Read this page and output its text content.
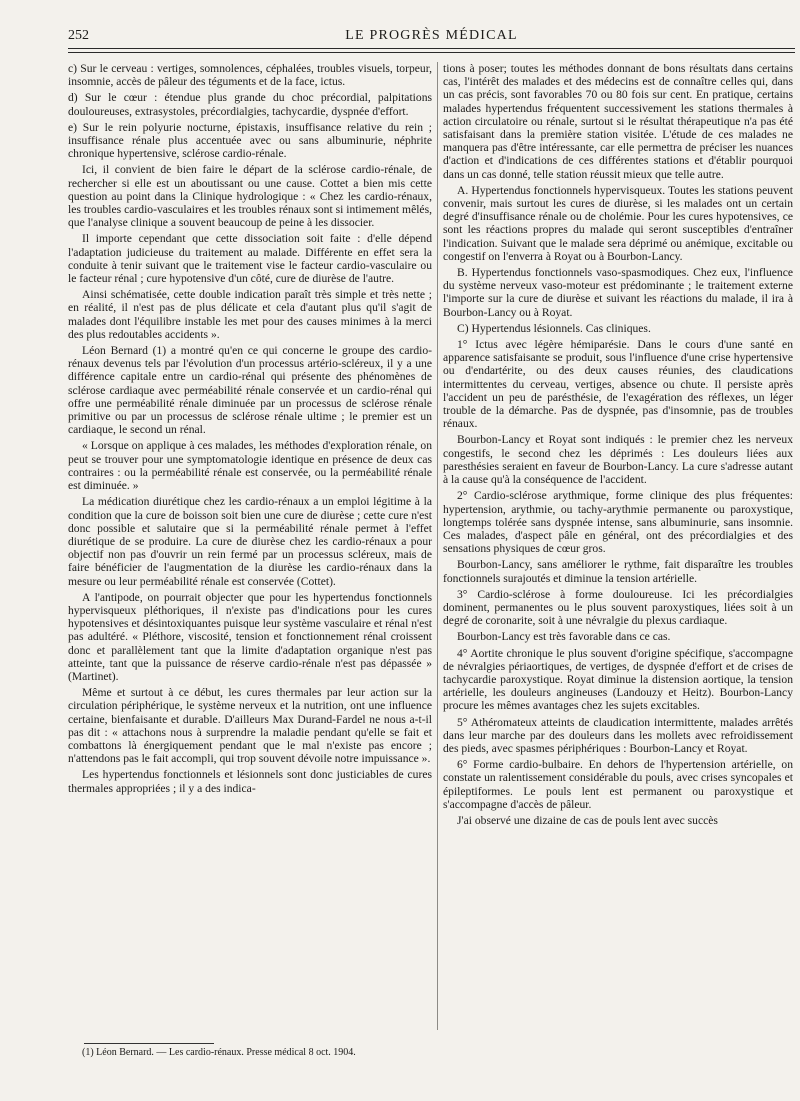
252	LE PROGRÈS MÉDICAL

c) Sur le cerveau : vertiges, somnolences, céphalées, troubles visuels, torpeur, insomnie, accès de pâleur des téguments et de la face, ictus.

d) Sur le cœur : étendue plus grande du choc précordial, palpitations douloureuses, extrasystoles, précordialgies, tachycardie, dyspnée d'effort.

e) Sur le rein polyurie nocturne, épistaxis, insuffisance relative du rein ; insuffisance rénale plus accentuée avec ou sans albuminurie, néphrite chronique hypertensive, sclérose cardio-rénale.

Ici, il convient de bien faire le départ de la sclérose cardio-rénale, de rechercher si elle est un aboutissant ou une cause. Cottet a bien mis cette question au point dans la Clinique hydrologique : « Chez les cardio-rénaux, les troubles cardio-vasculaires et les troubles rénaux sont si intimement mêlés, que l'analyse clinique a souvent beaucoup de peine à les dissocier.

Il importe cependant que cette dissociation soit faite : d'elle dépend l'adaptation judicieuse du traitement au malade. Différente en effet sera la conduite à tenir suivant que le traitement vise le facteur cardio-vasculaire ou le facteur rénal ; cure hypotensive d'un côté, cure de diurèse de l'autre.

Ainsi schématisée, cette double indication paraît très simple et très nette ; en réalité, il n'est pas de plus délicate et cela d'autant plus qu'il s'agit de malades dont l'équilibre instable les met pour des causes minimes à la merci des plus redoutables accidents ».

Léon Bernard (1) a montré qu'en ce qui concerne le groupe des cardio-rénaux devenus tels par l'évolution d'un processus artério-scléreux, il y a une différence capitale entre un cardio-rénal qui présente des phénomènes de sclérose cardiaque avec perméabilité rénale conservée et un cardio-rénal qui offre une perméabilité rénale diminuée par un processus de sclérose rénale primitive ou par un processus de sclérose rénale ultime ; le premier est un cardiaque, le second un rénal.

« Lorsque on applique à ces malades, les méthodes d'exploration rénale, on peut se trouver pour une symptomatologie identique en présence de deux cas contraires : ou la perméabilité rénale est conservée, ou la perméabilité rénale est diminuée. »

La médication diurétique chez les cardio-rénaux a un emploi légitime à la condition que la cure de boisson soit bien une cure de diurèse ; cette cure n'est donc possible et salutaire que si la perméabilité rénale permet à l'effet diurétique de se produire. La cure de diurèse chez les cardio-rénaux a pour objectif non pas d'ouvrir un rein fermé par un processus scléreux, mais de faire bénéficier de l'augmentation de la diurèse les cardio-rénaux dans la mesure ou leur perméabilité rénale est conservée (Cottet).

A l'antipode, on pourrait objecter que pour les hypertendus fonctionnels hypervisqueux pléthoriques, il n'existe pas d'indications pour les cures hypotensives et désintoxiquantes puisque leur système vasculaire et rénal n'est pas adultéré. « Pléthore, viscosité, tension et fonctionnement rénal croissent donc et parallèlement tant que la limite d'adaptation organique n'est pas atteinte, tant que la puissance de réserve cardio-rénale n'est pas dépassée » (Martinet).

Même et surtout à ce début, les cures thermales par leur action sur la circulation périphérique, le système nerveux et la nutrition, ont une influence certaine, bienfaisante et durable. D'ailleurs Max Durand-Fardel ne nous a-t-il pas dit : « attachons nous à surprendre la maladie pendant qu'elle se fait et combattons là énergiquement pendant que le mal n'existe pas encore ; n'attendons pas le fait accompli, qui trop souvent dévoile notre impuissance ».

Les hypertendus fonctionnels et lésionnels sont donc justiciables de cures thermales appropriées ; il y a des indica-

tions à poser; toutes les méthodes donnant de bons résultats dans certains cas, l'intérêt des malades et des médecins est de connaître celles qui, dans un cas précis, sont favorables 70 ou 80 fois sur cent. En pratique, certains malades hypertendus fréquentent successivement les stations thermales à action circulatoire ou rénale, surtout si le résultat thérapeutique n'a pas été satisfaisant dans la première station visitée. L'étude de ces malades ne manquera pas d'être intéressante, car elle permettra de préciser les nuances d'action et d'indications de ces différentes stations et d'établir pourquoi dans un cas donné, telle station réussit mieux que telle autre.

A. Hypertendus fonctionnels hypervisqueux. Toutes les stations peuvent convenir, mais surtout les cures de diurèse, si les malades ont un certain degré d'insuffisance rénale ou de cholémie. Pour les cures hypotensives, ce sont les réactions propres du malade qui seront susceptibles d'entraîner l'indication. Suivant que le malade sera déprimé ou anémique, excitable ou congestif on l'enverra à Royat ou à Bourbon-Lancy.

B. Hypertendus fonctionnels vaso-spasmodiques. Chez eux, l'influence du système nerveux vaso-moteur est prédominante ; le traitement externe l'importe sur la cure de diurèse et suivant les réactions du malade, il ira à Bourbon-Lancy ou à Royat.

C) Hypertendus lésionnels. Cas cliniques.

1° Ictus avec légère hémiparésie. Dans le cours d'une santé en apparence satisfaisante se produit, sous l'influence d'une crise hypertensive ou d'endartérite, ou des deux causes réunies, des claudications intermittentes du cerveau, vertiges, absence ou chute. Il persiste après l'accident un peu de parésthésie, de l'exagération des réflexes, un léger trouble de la démarche. Pas de dyspnée, pas d'insomnie, pas de troubles rénaux.

Bourbon-Lancy et Royat sont indiqués : le premier chez les nerveux congestifs, le second chez les déprimés : Les douleurs liées aux paresthésies seraient en faveur de Bourbon-Lancy. La cure s'adresse autant à la cause qu'à la conséquence de l'accident.

2° Cardio-sclérose arythmique, forme clinique des plus fréquentes: hypertension, arythmie, ou tachy-arythmie permanente ou paroxystique, longtemps tolérée sans dyspnée intense, sans albuminurie, sans insomnie. Ces malades, d'aspect pâle en général, ont des précordialgies et des sensations physiques de cœur gros.

Bourbon-Lancy, sans améliorer le rythme, fait disparaître les troubles fonctionnels surajoutés et diminue la tension artérielle.

3° Cardio-sclérose à forme douloureuse. Ici les précordialgies dominent, permanentes ou le plus souvent paroxystiques, liées soit à un degré de coronarite, soit à une névralgie du plexus cardiaque.

Bourbon-Lancy est très favorable dans ce cas.

4° Aortite chronique le plus souvent d'origine spécifique, s'accompagne de névralgies périaortiques, de vertiges, de dyspnée d'effort et de crises de tachycardie paroxystique. Royat diminue la distension aortique, la tension artérielle, les douleurs angineuses (Landouzy et Heitz). Bourbon-Lancy procure les mêmes avantages chez les sujets excitables.

5° Athéromateux atteints de claudication intermittente, malades arrêtés dans leur marche par des douleurs dans les mollets avec refroidissement des pieds, avec spasmes périphériques : Bourbon-Lancy et Royat.

6° Forme cardio-bulbaire. En dehors de l'hypertension artérielle, on constate un ralentissement considérable du pouls, avec crises syncopales et épileptiformes. Le pouls lent est permanent ou paroxystique et s'accompagne d'accès de pâleur.

J'ai observé une dizaine de cas de pouls lent avec succès

(1) Léon Bernard. — Les cardio-rénaux. Presse médical 8 oct. 1904.
